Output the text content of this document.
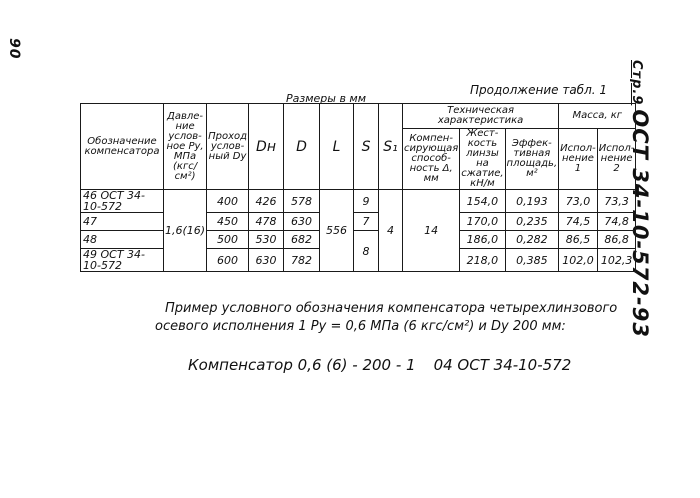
90
Стр.9ОСТ 34-10-572-93
Продолжение табл. 1
Размеры в мм
Обозначение компенсатора	Давле- ние услов- ное Ру, МПа (кгс/см²)	Проход услов- ный Dy	Dн	D	L	S	S₁	Техническая характеристика			Масса, кг	
								Компен- сирующая способ- ность Δ, мм	Жест- кость линзы на сжатие, кН/м	Эффек- тивная площадь, м²	Испол- нение 1	Испол- нение 2
46 ОСТ 34-10-572	1,6(16)	400	426	578	556	9	4	14	154,0	0,193	73,0	73,3
47		450	478	630		7			170,0	0,235	74,5	74,8
48		500	530	682		8			186,0	0,282	86,5	86,8
49 ОСТ 34-10-572		600	630	782					218,0	0,385	102,0	102,3
Пример условного обозначения компенсатора четырехлинзового
осевого исполнения 1 Ру = 0,6 МПа (6 кгс/см²) и Dy 200 мм:
Компенсатор 0,6 (6) - 200 - 1 04 ОСТ 34-10-572
